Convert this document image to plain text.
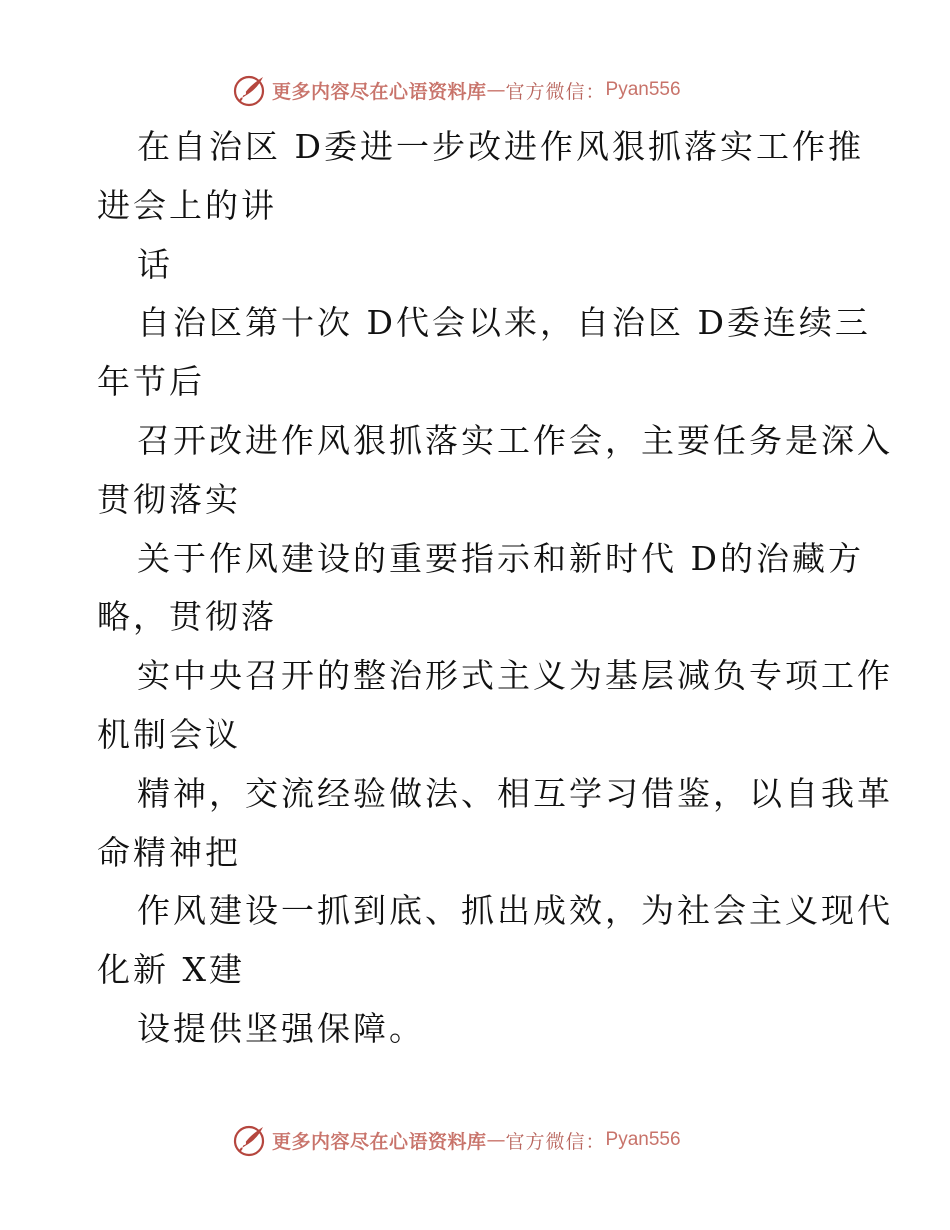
更多内容尽在心语资料库 — 官方微信： Pyan556
在自治区 D委进一步改进作风狠抓落实工作推
进会上的讲
话
自治区第十次 D代会以来，自治区 D委连续三
年节后
召开改进作风狠抓落实工作会，主要任务是深入
贯彻落实
关于作风建设的重要指示和新时代 D的治藏方
略，贯彻落
实中央召开的整治形式主义为基层减负专项工作
机制会议
精神，交流经验做法、相互学习借鉴，以自我革
命精神把
作风建设一抓到底、抓出成效，为社会主义现代
化新 X建
设提供坚强保障。
更多内容尽在心语资料库 — 官方微信： Pyan556
